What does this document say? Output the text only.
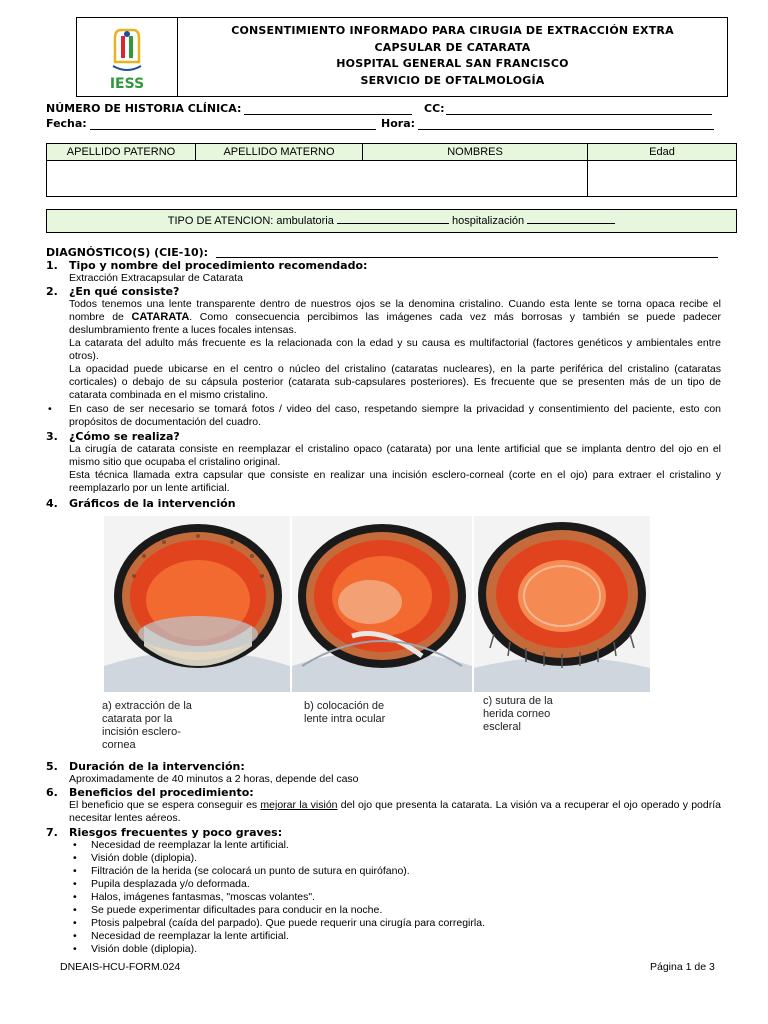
IESS
CONSENTIMIENTO INFORMADO PARA CIRUGIA DE EXTRACCIÓN EXTRA
CAPSULAR DE CATARATA
HOSPITAL GENERAL SAN FRANCISCO
SERVICIO DE OFTALMOLOGÍA
NÚMERO DE HISTORIA CLÍNICA:	CC:
Fecha:	Hora:
APELLIDO PATERNO	APELLIDO MATERNO	NOMBRES	Edad
TIPO DE ATENCION: ambulatoria	hospitalización
DIAGNÓSTICO(S) (CIE-10):
1. Tipo y nombre del procedimiento recomendado:
Extracción Extracapsular de Catarata
2. ¿En qué consiste?
Todos tenemos una lente transparente dentro de nuestros ojos se la denomina cristalino. Cuando esta lente se torna opaca recibe el nombre de CATARATA. Como consecuencia percibimos las imágenes cada vez más borrosas y también se puede padecer deslumbramiento frente a luces focales intensas.
La catarata del adulto más frecuente es la relacionada con la edad y su causa es multifactorial (factores genéticos y ambientales entre otros).
La opacidad puede ubicarse en el centro o núcleo del cristalino (cataratas nucleares), en la parte periférica del cristalino (cataratas corticales) o debajo de su cápsula posterior (catarata sub-capsulares posteriores). Es frecuente que se presenten más de un tipo de catarata combinada en el mismo cristalino.
• En caso de ser necesario se tomará fotos / video del caso, respetando siempre la privacidad y consentimiento del paciente, esto con propósitos de documentación del cuadro.
3. ¿Cómo se realiza?
La cirugía de catarata consiste en reemplazar el cristalino opaco (catarata) por una lente artificial que se implanta dentro del ojo en el mismo sitio que ocupaba el cristalino original.
Esta técnica llamada extra capsular que consiste en realizar una incisión esclero-corneal (corte en el ojo) para extraer el cristalino y reemplazarlo por un lente artificial.
4. Gráficos de la intervención
a) extracción de la catarata por la incisión esclero-cornea
b) colocación de lente intra ocular
c) sutura de la herida corneo escleral
5. Duración de la intervención:
Aproximadamente de 40 minutos a 2 horas, depende del caso
6. Beneficios del procedimiento:
El beneficio que se espera conseguir es mejorar la visión del ojo que presenta la catarata. La visión va a recuperar el ojo operado y podría necesitar lentes aéreos.
7. Riesgos frecuentes y poco graves:
• Necesidad de reemplazar la lente artificial.
• Visión doble (diplopia).
• Filtración de la herida (se colocará un punto de sutura en quirófano).
• Pupila desplazada y/o deformada.
• Halos, imágenes fantasmas, "moscas volantes".
• Se puede experimentar dificultades para conducir en la noche.
• Ptosis palpebral (caída del parpado). Que puede requerir una cirugía para corregirla.
• Necesidad de reemplazar la lente artificial.
• Visión doble (diplopia).
DNEAIS-HCU-FORM.024	Página 1 de 3
